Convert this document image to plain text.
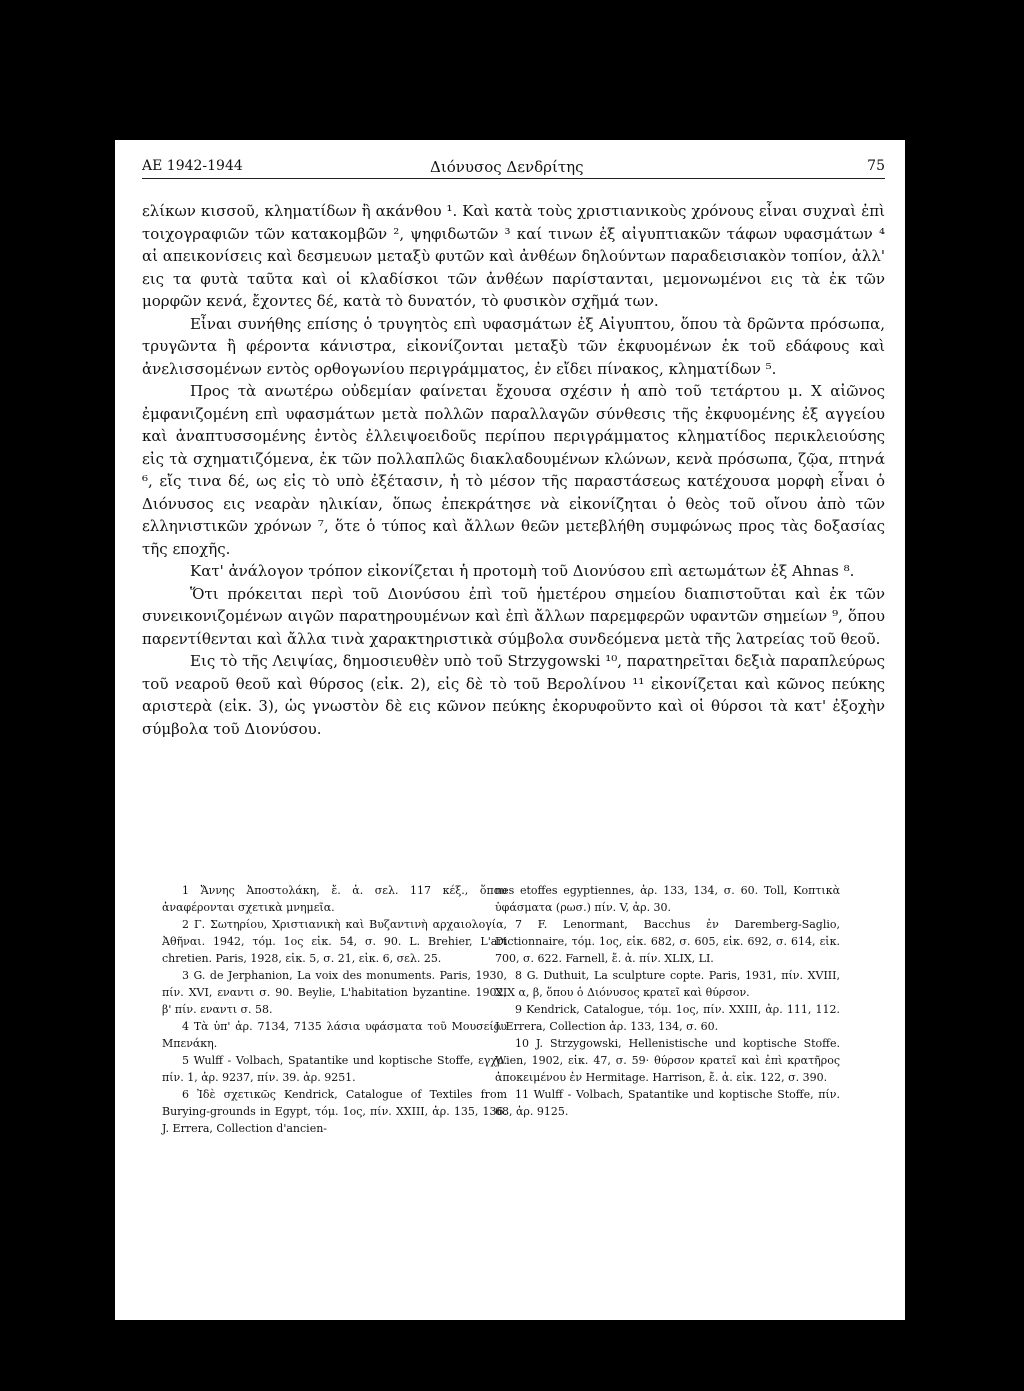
ΑΕ 1942-1944	Διόνυσος Δενδρίτης	75

ελίκων κισσοῦ, κληματίδων ἢ ακάνθου ¹. Καὶ κατὰ τοὺς χριστιανικοὺς χρόνους εἶναι συχναὶ ἐπὶ τοιχογραφιῶν τῶν κατακομβῶν ², ψηφιδωτῶν ³ καί τινων ἐξ αἰγυπτιακῶν τάφων υφασμάτων ⁴ αἱ απεικονίσεις καὶ δεσμευων μεταξὺ φυτῶν καὶ ἀνθέων δηλούντων παραδεισιακὸν τοπίον, ἀλλ' εις τα φυτὰ ταῦτα καὶ οἱ κλαδίσκοι τῶν ἀνθέων παρίστανται, μεμονωμένοι εις τὰ ἐκ τῶν μορφῶν κενά, ἔχοντες δέ, κατὰ τὸ δυνατόν, τὸ φυσικὸν σχῆμά των.

Εἶναι συνήθης επίσης ὁ τρυγητὸς επὶ υφασμάτων ἐξ Αἰγυπτου, ὅπου τὰ δρῶντα πρόσωπα, τρυγῶντα ἢ φέροντα κάνιστρα, εἰκονίζονται μεταξὺ τῶν ἐκφυομένων ἐκ τοῦ εδάφους καὶ ἀνελισσομένων εντὸς ορθογωνίου περιγράμματος, ἐν εἴδει πίνακος, κληματίδων ⁵.

Προς τὰ ανωτέρω οὐδεμίαν φαίνεται ἔχουσα σχέσιν ἡ απὸ τοῦ τετάρτου μ. Χ αἰῶνος ἐμφανιζομένη επὶ υφασμάτων μετὰ πολλῶν παραλλαγῶν σύνθεσις τῆς ἐκφυομένης ἐξ αγγείου καὶ ἀναπτυσσομένης ἐντὸς ἐλλειψοειδοῦς περίπου περιγράμματος κληματίδος περικλειούσης εἰς τὰ σχηματιζόμενα, ἐκ τῶν πολλαπλῶς διακλαδουμένων κλώνων, κενὰ πρόσωπα, ζῷα, πτηνά ⁶, εἴς τινα δέ, ως εἰς τὸ υπὸ ἐξέτασιν, ἡ τὸ μέσον τῆς παραστάσεως κατέχουσα μορφὴ εἶναι ὁ Διόνυσος εις νεαρὰν ηλικίαν, ὅπως ἐπεκράτησε νὰ εἰκονίζηται ὁ θεὸς τοῦ οἴνου ἀπὸ τῶν ελληνιστικῶν χρόνων ⁷, ὅτε ὁ τύπος καὶ ἄλλων θεῶν μετεβλήθη συμφώνως προς τὰς δοξασίας τῆς εποχῆς.

Κατ' ἀνάλογον τρόπον εἰκονίζεται ἡ προτομὴ τοῦ Διονύσου επὶ αετωμάτων ἐξ Ahnas ⁸.

Ὅτι πρόκειται περὶ τοῦ Διονύσου ἐπὶ τοῦ ἡμετέρου σημείου διαπιστοῦται καὶ ἐκ τῶν συνεικονιζομένων αιγῶν παρατηρουμένων καὶ ἐπὶ ἄλλων παρεμφερῶν υφαντῶν σημείων ⁹, ὅπου παρεντίθενται καὶ ἄλλα τινὰ χαρακτηριστικὰ σύμβολα συνδεόμενα μετὰ τῆς λατρείας τοῦ θεοῦ.

Εις τὸ τῆς Λειψίας, δημοσιευθὲν υπὸ τοῦ Strzygowski ¹⁰, παρατηρεῖται δεξιὰ παραπλεύρως τοῦ νεαροῦ θεοῦ καὶ θύρσος (εἰκ. 2), εἰς δὲ τὸ τοῦ Βερολίνου ¹¹ εἰκονίζεται καὶ κῶνος πεύκης αριστερὰ (εἰκ. 3), ὡς γνωστὸν δὲ εις κῶνον πεύκης ἐκορυφοῦντο καὶ οἱ θύρσοι τὰ κατ' ἐξοχὴν σύμβολα τοῦ Διονύσου.

1 Ἄννης Ἀποστολάκη, ἔ. ἀ. σελ. 117 κέξ., ὅπου ἀναφέρονται σχετικὰ μνημεῖα.

2 Γ. Σωτηρίου, Χριστιανικὴ καὶ Βυζαντινὴ αρχαιολογία, Ἀθῆναι. 1942, τόμ. 1ος εἰκ. 54, σ. 90. L. Brehier, L'art chretien. Paris, 1928, εἰκ. 5, σ. 21, εἰκ. 6, σελ. 25.

3 G. de Jerphanion, La voix des monuments. Paris, 1930, πίν. XVI, εναντι σ. 90. Beylie, L'habitation byzantine. 1902, β' πίν. εναντι σ. 58.

4 Τὰ ὑπ' ἀρ. 7134, 7135 λάσια υφάσματα τοῦ Μουσείου Μπενάκη.

5 Wulff - Volbach, Spatantike und koptische Stoffe, εγχρ. πίν. 1, ἀρ. 9237, πίν. 39. ἀρ. 9251.

6 Ἰδὲ σχετικῶς Kendrick, Catalogue of Textiles from Burying-grounds in Egypt, τόμ. 1ος, πίν. XXIII, ἀρ. 135, 136. J. Errera, Collection d'ancien-

nes etoffes egyptiennes, ἀρ. 133, 134, σ. 60. Toll, Κοπτικὰ ὑφάσματα (ρωσ.) πίν. V, ἀρ. 30.

7 F. Lenormant, Bacchus ἐν Daremberg-Saglio, Dictionnaire, τόμ. 1ος, εἰκ. 682, σ. 605, εἰκ. 692, σ. 614, εἰκ. 700, σ. 622. Farnell, ἔ. ἀ. πίν. XLIX, LI.

8 G. Duthuit, La sculpture copte. Paris, 1931, πίν. XVIII, XIX α, β, ὅπου ὁ Διόνυσος κρατεῖ καὶ θύρσον.

9 Kendrick, Catalogue, τόμ. 1ος, πίν. XXIII, ἀρ. 111, 112. J. Errera, Collection ἀρ. 133, 134, σ. 60.

10 J. Strzygowski, Hellenistische und koptische Stoffe. Wien, 1902, εἰκ. 47, σ. 59· θύρσον κρατεῖ καὶ ἐπὶ κρατῆρος ἀποκειμένου ἐν Hermitage. Harrison, ἔ. ἀ. εἰκ. 122, σ. 390.

11 Wulff - Volbach, Spatantike und koptische Stoffe, πίν. 68, ἀρ. 9125.
